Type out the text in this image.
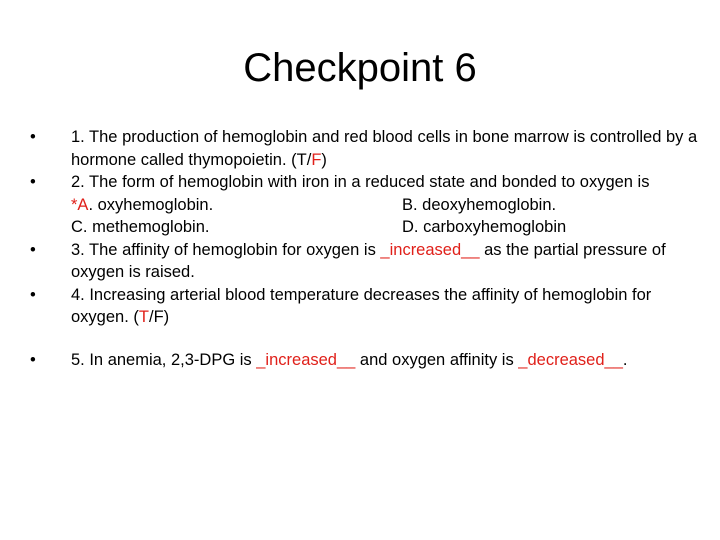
Checkpoint 6
• 1. The production of hemoglobin and red blood cells in bone marrow is controlled by a hormone called thymopoietin. (T/F)
• 2. The form of hemoglobin with iron in a reduced state and bonded to oxygen is
*A. oxyhemoglobin.	B. deoxyhemoglobin.
C. methemoglobin.	D. carboxyhemoglobin
• 3. The affinity of hemoglobin for oxygen is _increased__ as the partial pressure of oxygen is raised.
• 4. Increasing arterial blood temperature decreases the affinity of hemoglobin for oxygen. (T/F)
• 5. In anemia, 2,3-DPG is _increased__ and oxygen affinity is _decreased__.
